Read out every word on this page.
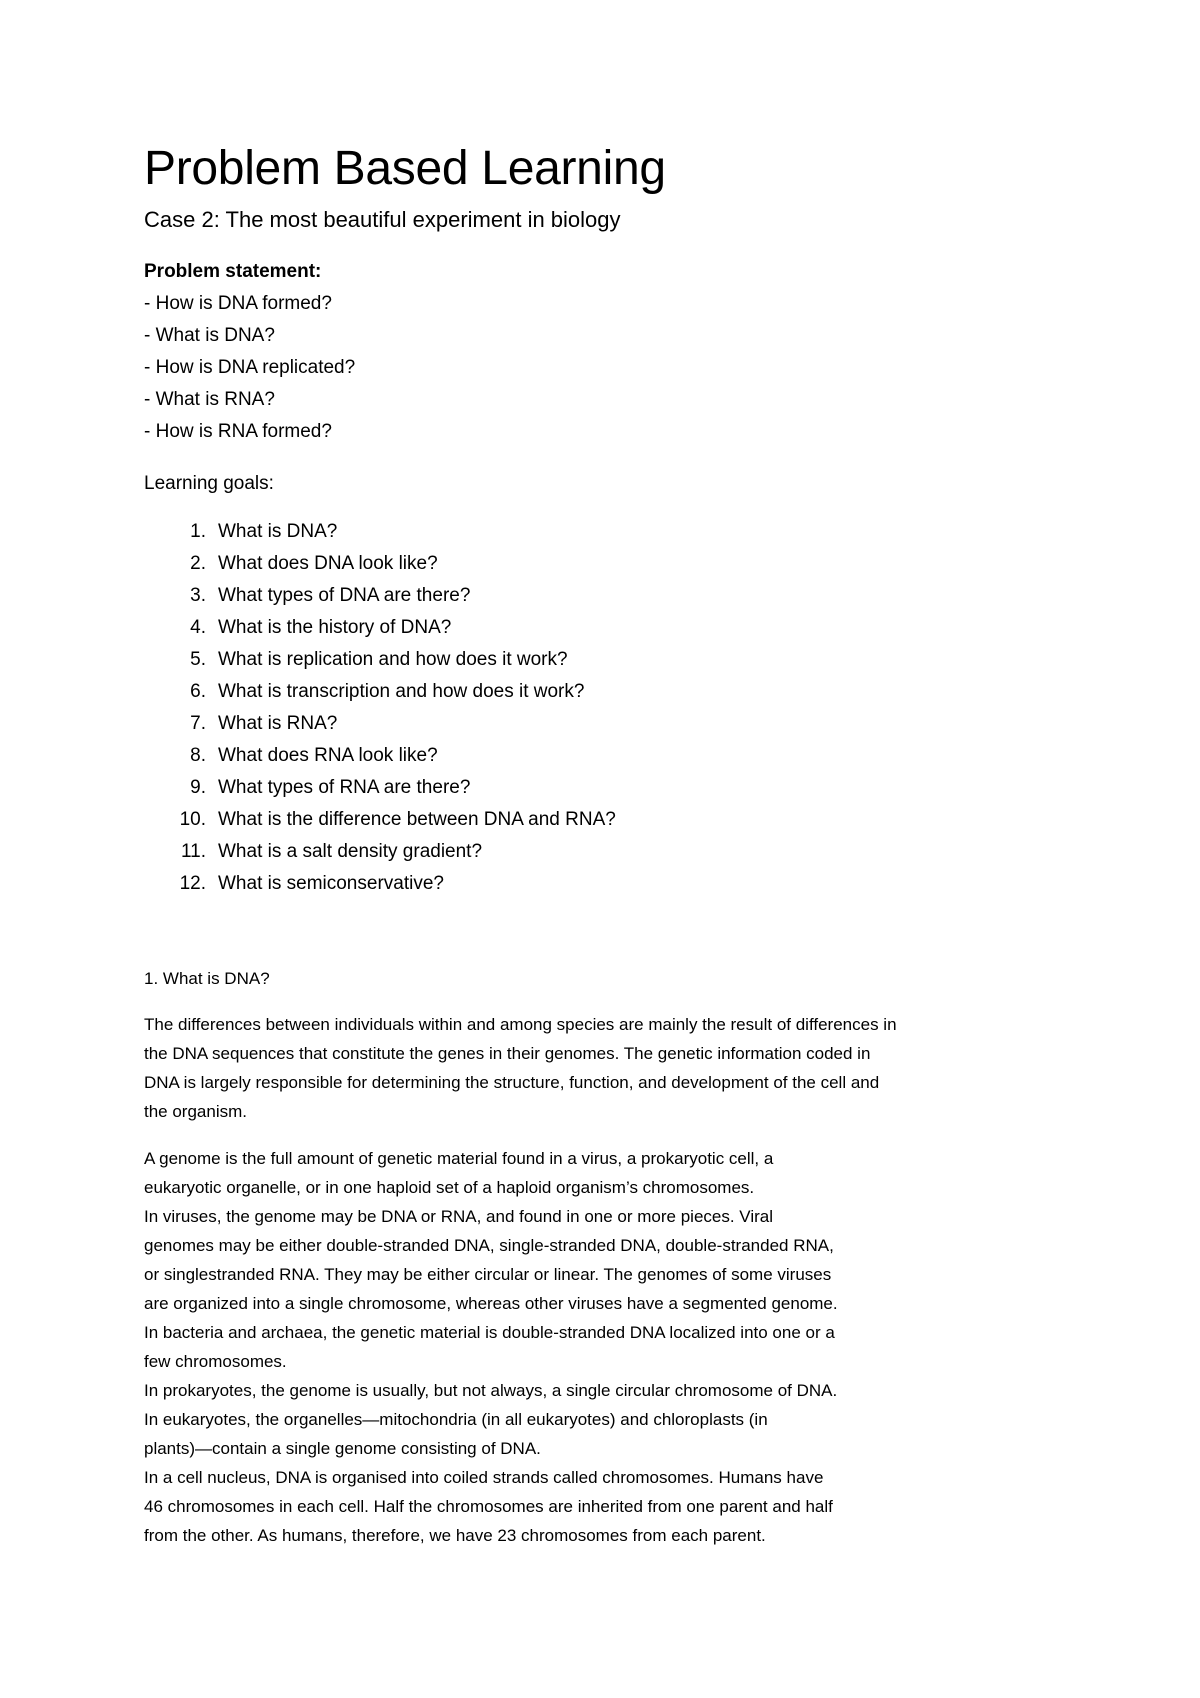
Problem Based Learning
Case 2: The most beautiful experiment in biology
Problem statement:
- How is DNA formed?
- What is DNA?
- How is DNA replicated?
- What is RNA?
- How is RNA formed?
Learning goals:
1. What is DNA?
2. What does DNA look like?
3. What types of DNA are there?
4. What is the history of DNA?
5. What is replication and how does it work?
6. What is transcription and how does it work?
7. What is RNA?
8. What does RNA look like?
9. What types of RNA are there?
10. What is the difference between DNA and RNA?
11. What is a salt density gradient?
12. What is semiconservative?
1. What is DNA?
The differences between individuals within and among species are mainly the result of differences in
the DNA sequences that constitute the genes in their genomes. The genetic information coded in
DNA is largely responsible for determining the structure, function, and development of the cell and
the organism.
A genome is the full amount of genetic material found in a virus, a prokaryotic cell, a
eukaryotic organelle, or in one haploid set of a haploid organism’s chromosomes.
In viruses, the genome may be DNA or RNA, and found in one or more pieces. Viral
genomes may be either double-stranded DNA, single-stranded DNA, double-stranded RNA,
or singlestranded RNA. They may be either circular or linear. The genomes of some viruses
are organized into a single chromosome, whereas other viruses have a segmented genome.
In bacteria and archaea, the genetic material is double-stranded DNA localized into one or a
few chromosomes.
In prokaryotes, the genome is usually, but not always, a single circular chromosome of DNA.
In eukaryotes, the organelles—mitochondria (in all eukaryotes) and chloroplasts (in
plants)—contain a single genome consisting of DNA.
In a cell nucleus, DNA is organised into coiled strands called chromosomes. Humans have
46 chromosomes in each cell. Half the chromosomes are inherited from one parent and half
from the other. As humans, therefore, we have 23 chromosomes from each parent.
